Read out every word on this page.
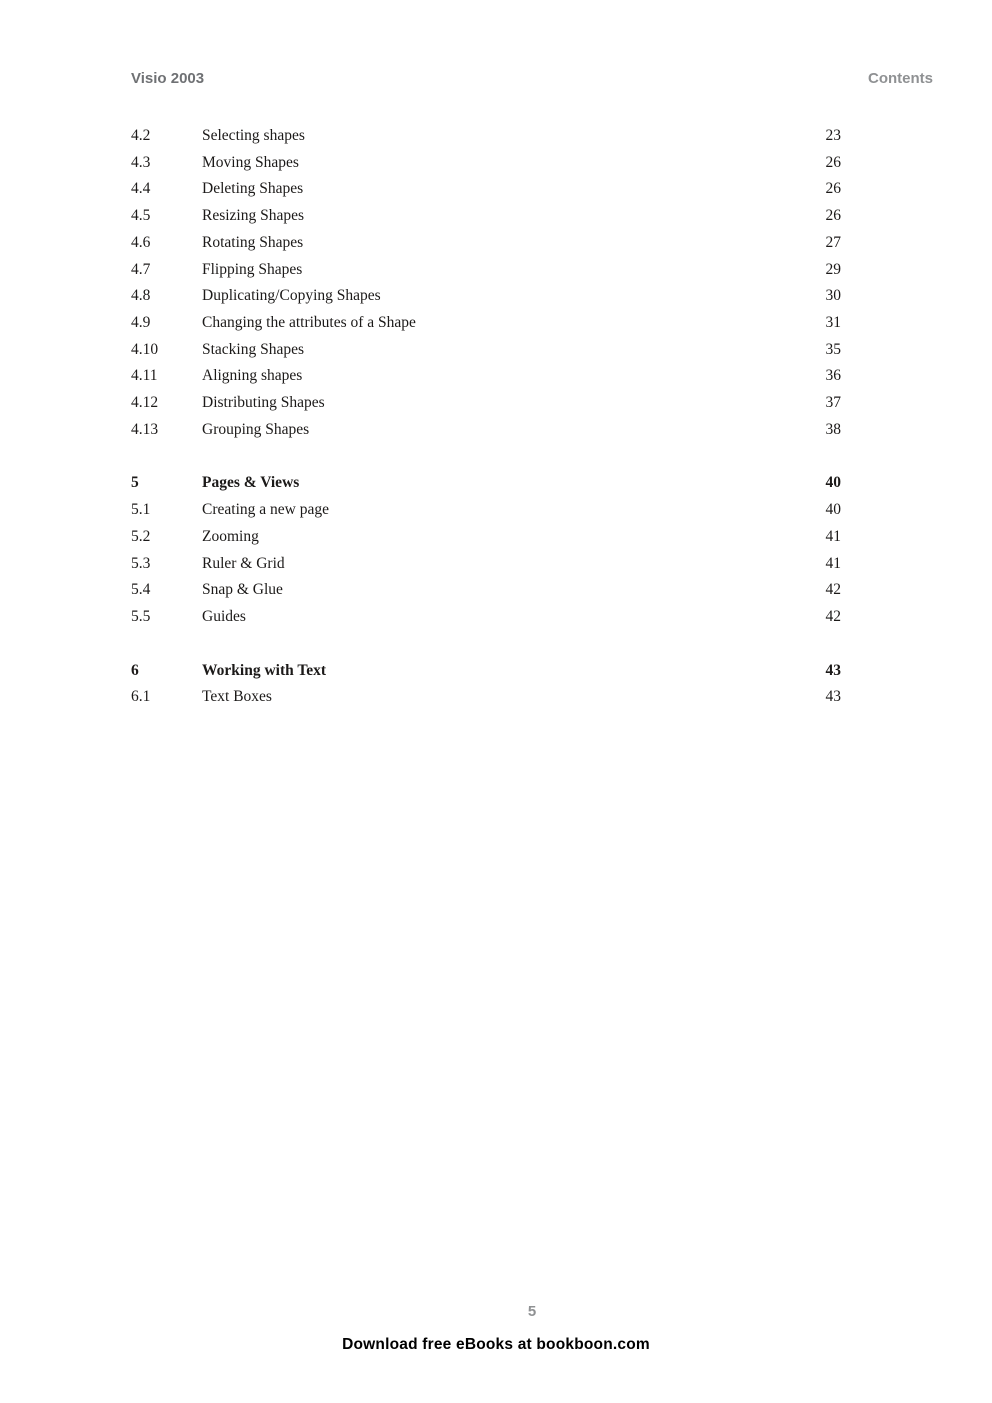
Visio 2003	Contents
4.2	Selecting shapes	23
4.3	Moving Shapes	26
4.4	Deleting Shapes	26
4.5	Resizing Shapes	26
4.6	Rotating Shapes	27
4.7	Flipping Shapes	29
4.8	Duplicating/Copying Shapes	30
4.9	Changing the attributes of a Shape	31
4.10	Stacking Shapes	35
4.11	Aligning shapes	36
4.12	Distributing Shapes	37
4.13	Grouping Shapes	38
5	Pages & Views	40
5.1	Creating a new page	40
5.2	Zooming	41
5.3	Ruler & Grid	41
5.4	Snap & Glue	42
5.5	Guides	42
6	Working with Text	43
6.1	Text Boxes	43
5
Download free eBooks at bookboon.com
